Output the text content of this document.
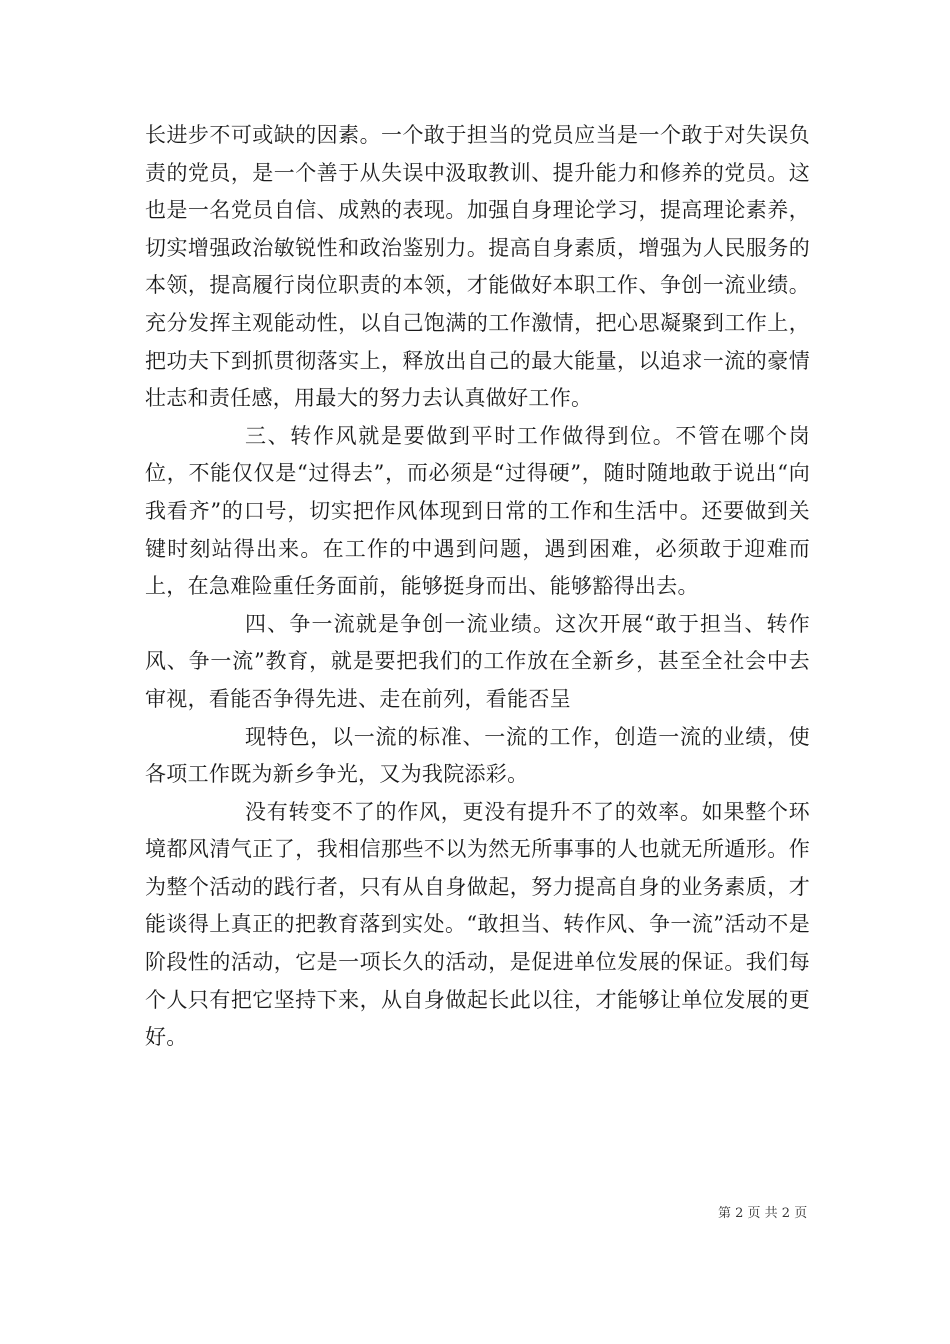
长进步不可或缺的因素。一个敢于担当的党员应当是一个敢于对失误负责的党员，是一个善于从失误中汲取教训、提升能力和修养的党员。这也是一名党员自信、成熟的表现。加强自身理论学习，提高理论素养，切实增强政治敏锐性和政治鉴别力。提高自身素质，增强为人民服务的本领，提高履行岗位职责的本领，才能做好本职工作、争创一流业绩。充分发挥主观能动性，以自己饱满的工作激情，把心思凝聚到工作上，把功夫下到抓贯彻落实上，释放出自己的最大能量，以追求一流的豪情壮志和责任感，用最大的努力去认真做好工作。

三、转作风就是要做到平时工作做得到位。不管在哪个岗位，不能仅仅是“过得去”，而必须是“过得硬”，随时随地敢于说出“向我看齐”的口号，切实把作风体现到日常的工作和生活中。还要做到关键时刻站得出来。在工作的中遇到问题，遇到困难，必须敢于迎难而上，在急难险重任务面前，能够挺身而出、能够豁得出去。

四、争一流就是争创一流业绩。这次开展“敢于担当、转作风、争一流”教育，就是要把我们的工作放在全新乡，甚至全社会中去审视，看能否争得先进、走在前列，看能否呈

现特色，以一流的标准、一流的工作，创造一流的业绩，使各项工作既为新乡争光，又为我院添彩。

没有转变不了的作风，更没有提升不了的效率。如果整个环境都风清气正了，我相信那些不以为然无所事事的人也就无所遁形。作为整个活动的践行者，只有从自身做起，努力提高自身的业务素质，才能谈得上真正的把教育落到实处。“敢担当、转作风、争一流”活动不是阶段性的活动，它是一项长久的活动，是促进单位发展的保证。我们每个人只有把它坚持下来，从自身做起长此以往，才能够让单位发展的更好。

第 2 页 共 2 页
